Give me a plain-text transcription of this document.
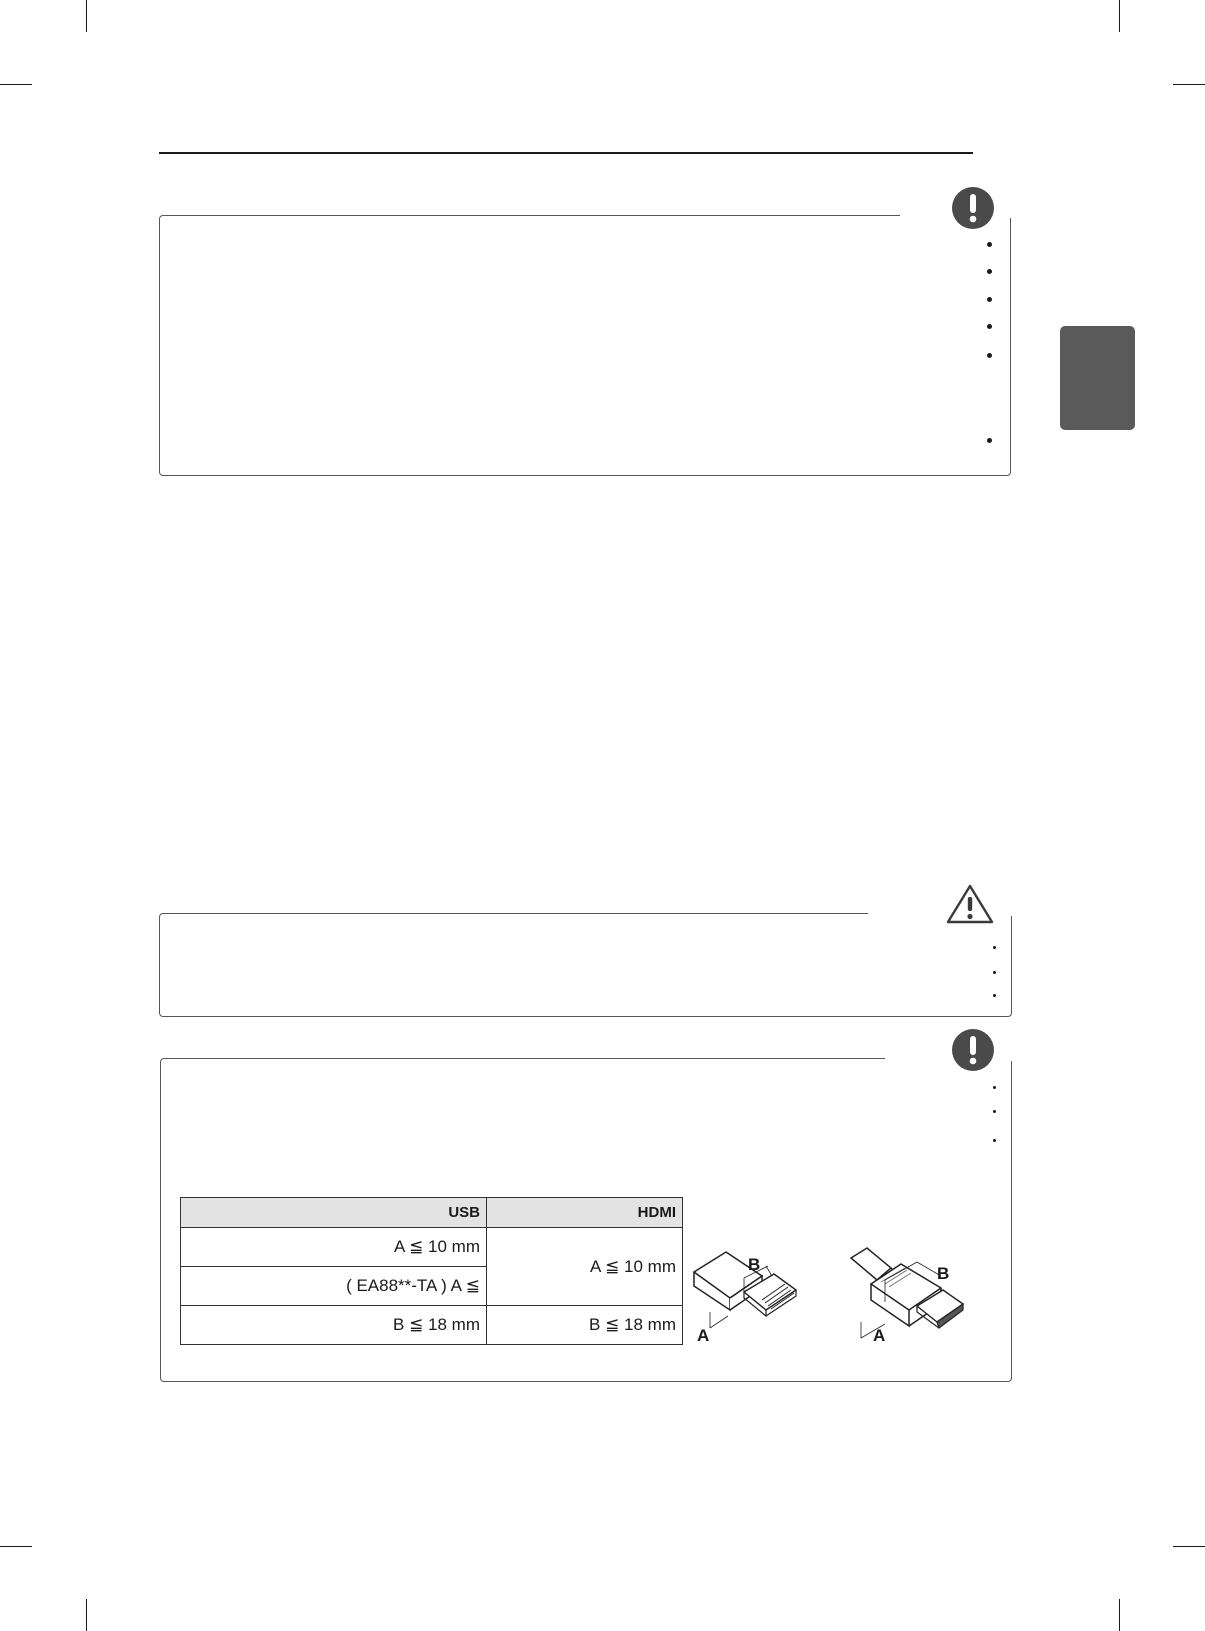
USB	HDMI
A ≦ 10 mm	A ≦ 10 mm
( EA88**-TA ) A ≦	
B ≦ 18 mm	B ≦ 18 mm
B
A
B
A
